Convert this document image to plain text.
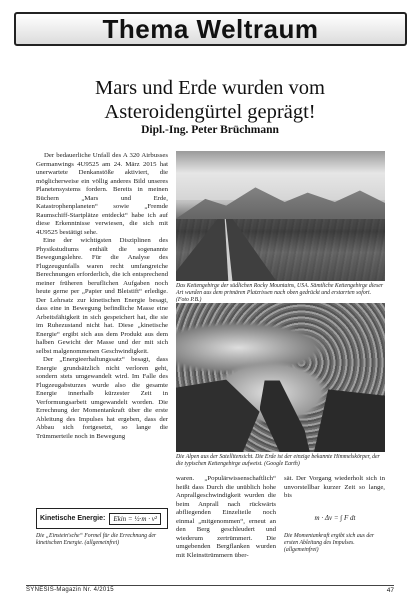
Thema Weltraum
Mars und Erde wurden vom
Asteroidengürtel geprägt!
Dipl.-Ing. Peter Brüchmann

Der bedauerliche Unfall des A 320 Airbusses Germanwings 4U9525 am 24. März 2015 hat unerwartete Denkanstöße aktiviert, die möglicherweise ein völlig anderes Bild unseres Planetensystems fordern. Bereits in meinen Büchern „Mars und Erde, Katastrophenplaneten“ sowie „Fremde Raumschiff-Startplätze entdeckt“ habe ich auf diese Erkenntnisse verwiesen, die sich mit 4U9525 bestätigt sehe.

Eine der wichtigsten Disziplinen des Physikstudiums enthält die sogenannte Bewegungslehre. Für die Analyse des Flugzeugunfalls waren recht umfangreiche Berechnungen erforderlich, die ich entsprechend meiner früheren beruflichen Aufgaben noch heute gerne per „Papier und Bleistift“ erledige. Der Lehrsatz zur kinetischen Energie besagt, dass eine in Bewegung befindliche Masse eine Arbeitsfähigkeit in sich gespeichert hat, die sie im Ruhezustand nicht hat. Diese „kinetische Energie“ ergibt sich aus dem Produkt aus dem halben Gewicht der Masse und der mit sich selbst malgenommenen Geschwindigkeit.

Der „Energieerhaltungssatz“ besagt, dass Energie grundsätzlich nicht verloren geht, sondern stets umgewandelt wird. Im Falle des Flugzeugabsturzes wurde also die gesamte Energie innerhalb kürzester Zeit in Verformungsarbeit umgewandelt worden. Die Errechnung der Momentankraft über die erste Ableitung des Impulses hat ergeben, dass der Abbau sich fortgesetzt, so lange die Trümmerteile noch in Bewegung

Das Kettengebirge der südlichen Rocky Mountains, USA. Sämtliche Kettengebirge dieser Art wurden aus dem primären Platzrissen nach oben gedrückt und erstarrten sofort. (Foto P.B.)
Die Alpen aus der Satellitensicht. Die Erde ist der einzige bekannte Himmelskörper, der die typischen Kettengebirge aufweist. (Google Earth)

waren. „Populärwissenschaftlich“ heißt dass Durch die unüblich hohe Anprallgeschwindigkeit wurden die beim Anprall nach rückwärts abfliegenden Einzelteile noch einmal „mitgenommen“, erneut an den Berg geschleudert und wiederum zertrümmert. Die umgebenden Bergflanken wurden mit Kleinsttrümmern über-

sät. Der Vorgang wiederholt sich in unvorstellbar kurzer Zeit so lange, bis

Kinetische Energie:	Ekin = ½·m · v²
Die „Einstein'sche“ Formel für die Errechnung der kinetischen Energie. (allgemeinfrei)
m · Δv = ∫ F dt
Die Momentankraft ergibt sich aus der ersten Ableitung des Impulses. (allgemeinfrei)
SYNESIS-Magazin Nr. 4/2015	47
